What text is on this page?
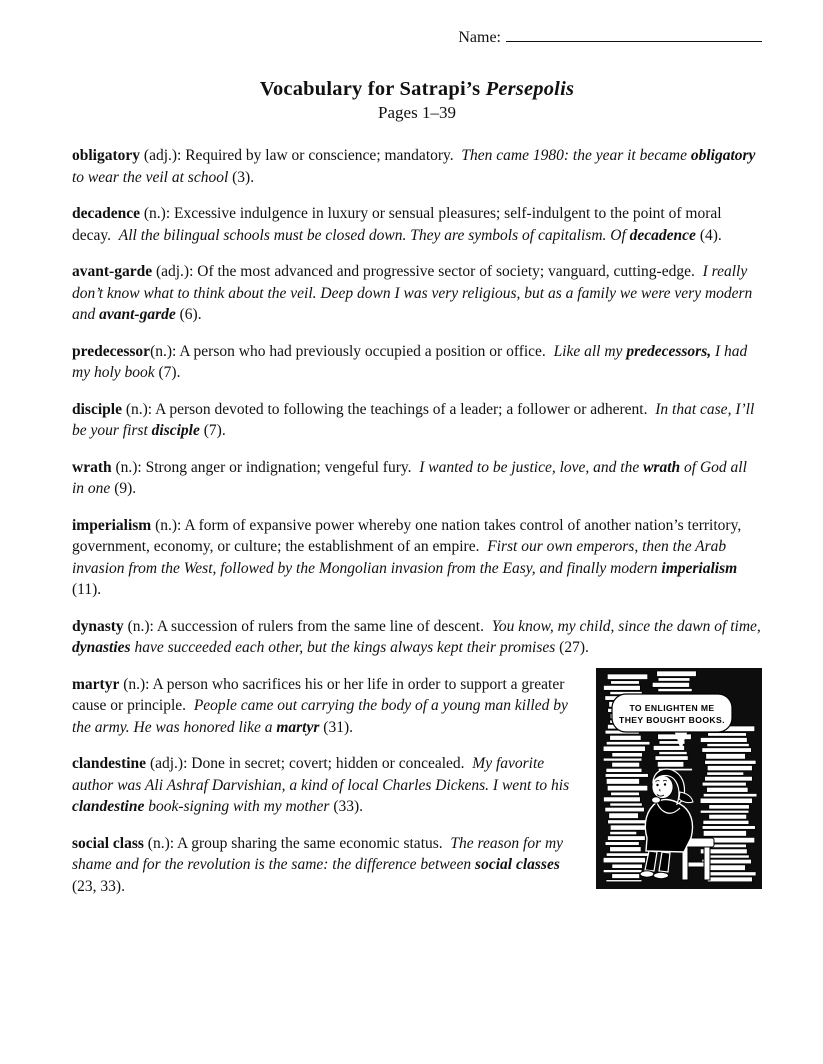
Name:
Vocabulary for Satrapi’s Persepolis
Pages 1–39

obligatory (adj.): Required by law or conscience; mandatory. Then came 1980: the year it became obligatory to wear the veil at school (3).

decadence (n.): Excessive indulgence in luxury or sensual pleasures; self-indulgent to the point of moral decay. All the bilingual schools must be closed down. They are symbols of capitalism. Of decadence (4).

avant-garde (adj.): Of the most advanced and progressive sector of society; vanguard, cutting-edge. I really don’t know what to think about the veil. Deep down I was very religious, but as a family we were very modern and avant-garde (6).

predecessor(n.): A person who had previously occupied a position or office. Like all my predecessors, I had my holy book (7).

disciple (n.): A person devoted to following the teachings of a leader; a follower or adherent. In that case, I’ll be your first disciple (7).

wrath (n.): Strong anger or indignation; vengeful fury. I wanted to be justice, love, and the wrath of God all in one (9).

imperialism (n.): A form of expansive power whereby one nation takes control of another nation’s territory, government, economy, or culture; the establishment of an empire. First our own emperors, then the Arab invasion from the West, followed by the Mongolian invasion from the Easy, and finally modern imperialism (11).

dynasty (n.): A succession of rulers from the same line of descent. You know, my child, since the dawn of time, dynasties have succeeded each other, but the kings always kept their promises (27).

TO ENLIGHTEN ME
THEY BOUGHT BOOKS.

martyr (n.): A person who sacrifices his or her life in order to support a greater cause or principle. People came out carrying the body of a young man killed by the army. He was honored like a martyr (31).

clandestine (adj.): Done in secret; covert; hidden or concealed. My favorite author was Ali Ashraf Darvishian, a kind of local Charles Dickens. I went to his clandestine book-signing with my mother (33).

social class (n.): A group sharing the same economic status. The reason for my shame and for the revolution is the same: the difference between social classes (23, 33).
